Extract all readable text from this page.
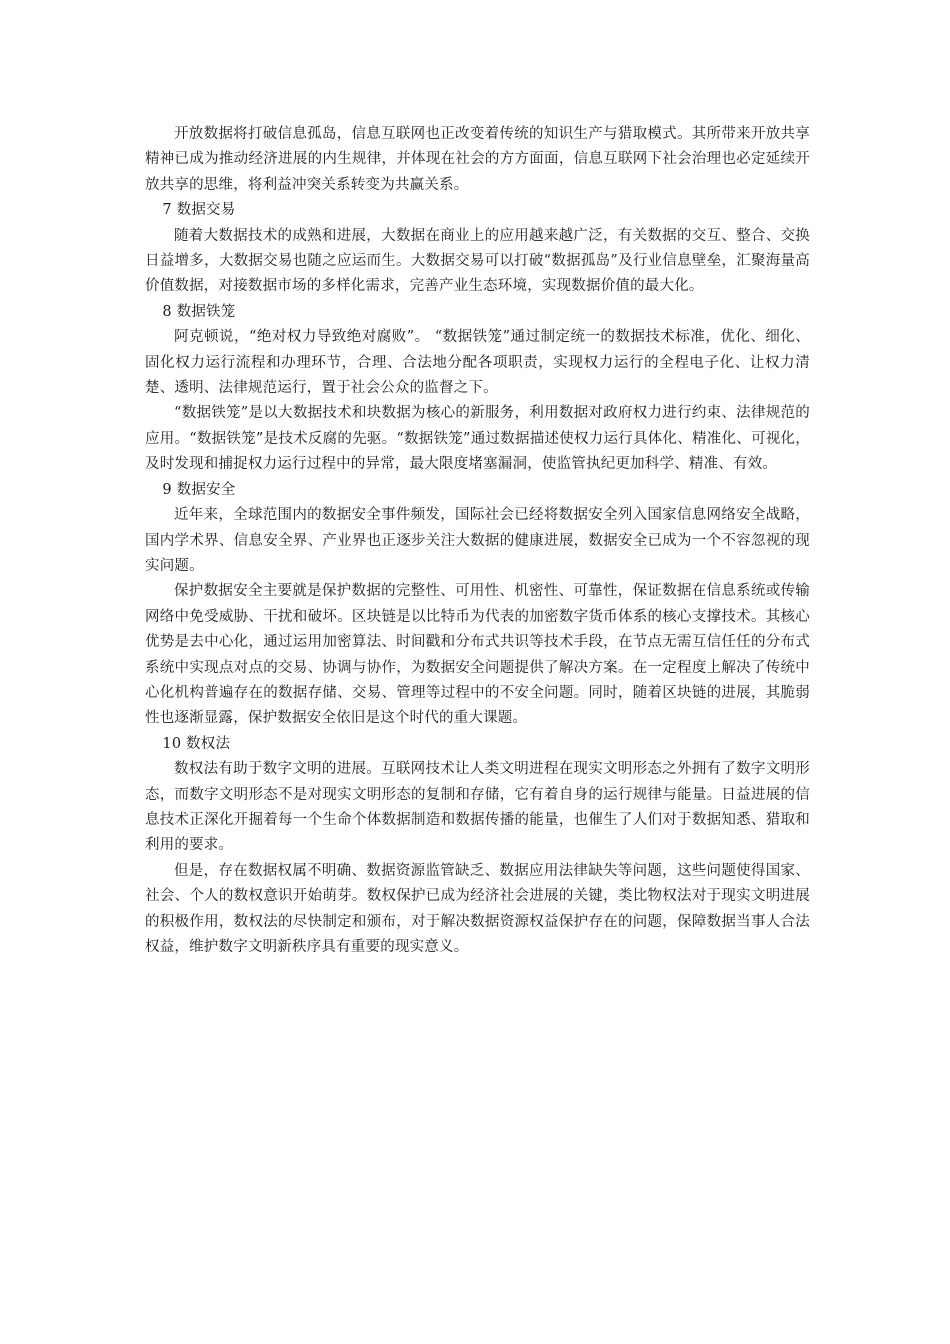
开放数据将打破信息孤岛，信息互联网也正改变着传统的知识生产与猎取模式。其所带来开放共享精神已成为推动经济进展的内生规律，并体现在社会的方方面面，信息互联网下社会治理也必定延续开放共享的思维，将利益冲突关系转变为共赢关系。

7 数据交易

随着大数据技术的成熟和进展，大数据在商业上的应用越来越广泛，有关数据的交互、整合、交换日益增多，大数据交易也随之应运而生。大数据交易可以打破“数据孤岛”及行业信息壁垒，汇聚海量高价值数据，对接数据市场的多样化需求，完善产业生态环境，实现数据价值的最大化。

8 数据铁笼

阿克顿说，“绝对权力导致绝对腐败”。 “数据铁笼”通过制定统一的数据技术标准，优化、细化、固化权力运行流程和办理环节，合理、合法地分配各项职责，实现权力运行的全程电子化、让权力清楚、透明、法律规范运行，置于社会公众的监督之下。

“数据铁笼”是以大数据技术和块数据为核心的新服务，利用数据对政府权力进行约束、法律规范的应用。“数据铁笼”是技术反腐的先驱。“数据铁笼”通过数据描述使权力运行具体化、精准化、可视化，及时发现和捕捉权力运行过程中的异常，最大限度堵塞漏洞，使监管执纪更加科学、精准、有效。

9 数据安全

近年来，全球范围内的数据安全事件频发，国际社会已经将数据安全列入国家信息网络安全战略，国内学术界、信息安全界、产业界也正逐步关注大数据的健康进展，数据安全已成为一个不容忽视的现实问题。

保护数据安全主要就是保护数据的完整性、可用性、机密性、可靠性，保证数据在信息系统或传输网络中免受威胁、干扰和破坏。区块链是以比特币为代表的加密数字货币体系的核心支撑技术。其核心优势是去中心化，通过运用加密算法、时间戳和分布式共识等技术手段，在节点无需互信任任的分布式系统中实现点对点的交易、协调与协作，为数据安全问题提供了解决方案。在一定程度上解决了传统中心化机构普遍存在的数据存储、交易、管理等过程中的不安全问题。同时，随着区块链的进展，其脆弱性也逐渐显露，保护数据安全依旧是这个时代的重大课题。

10 数权法

数权法有助于数字文明的进展。互联网技术让人类文明进程在现实文明形态之外拥有了数字文明形态，而数字文明形态不是对现实文明形态的复制和存储，它有着自身的运行规律与能量。日益进展的信息技术正深化开掘着每一个生命个体数据制造和数据传播的能量，也催生了人们对于数据知悉、猎取和利用的要求。

但是，存在数据权属不明确、数据资源监管缺乏、数据应用法律缺失等问题，这些问题使得国家、社会、个人的数权意识开始萌芽。数权保护已成为经济社会进展的关键，类比物权法对于现实文明进展的积极作用，数权法的尽快制定和颁布，对于解决数据资源权益保护存在的问题，保障数据当事人合法权益，维护数字文明新秩序具有重要的现实意义。
